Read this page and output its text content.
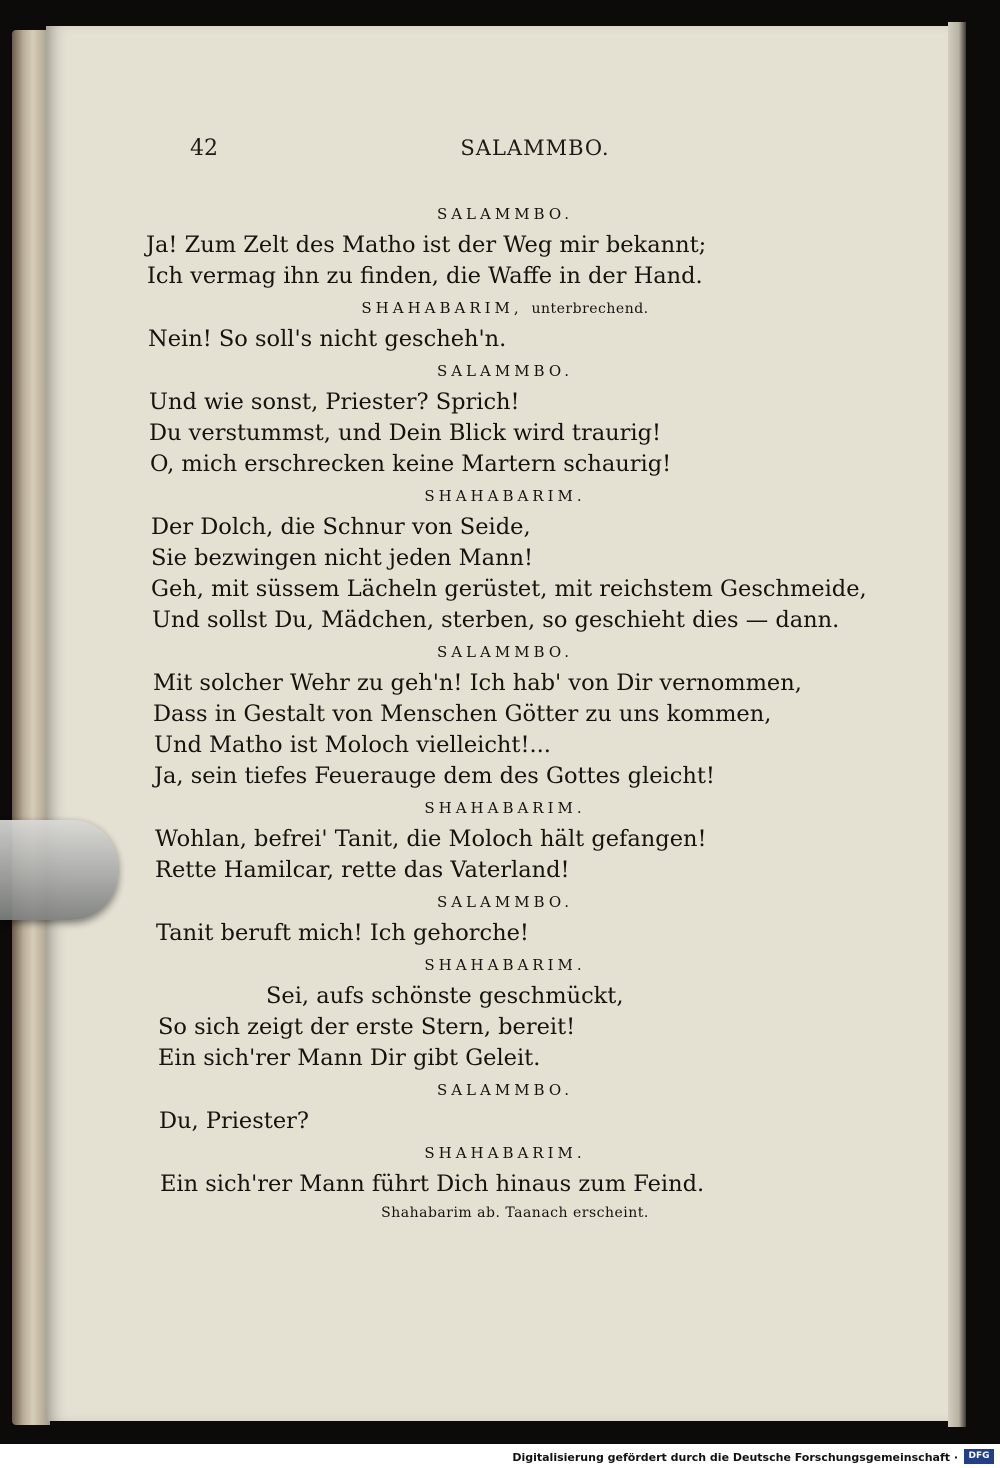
42	SALAMMBO.
SALAMMBO.
Ja! Zum Zelt des Matho ist der Weg mir bekannt;
Ich vermag ihn zu finden, die Waffe in der Hand.
SHAHABARIM, unterbrechend.
Nein! So soll's nicht gescheh'n.
SALAMMBO.
Und wie sonst, Priester? Sprich!
Du verstummst, und Dein Blick wird traurig!
O, mich erschrecken keine Martern schaurig!
SHAHABARIM.
Der Dolch, die Schnur von Seide,
Sie bezwingen nicht jeden Mann!
Geh, mit süssem Lächeln gerüstet, mit reichstem Geschmeide,
Und sollst Du, Mädchen, sterben, so geschieht dies — dann.
SALAMMBO.
Mit solcher Wehr zu geh'n! Ich hab' von Dir vernommen,
Dass in Gestalt von Menschen Götter zu uns kommen,
Und Matho ist Moloch vielleicht!...
Ja, sein tiefes Feuerauge dem des Gottes gleicht!
SHAHABARIM.
Wohlan, befrei' Tanit, die Moloch hält gefangen!
Rette Hamilcar, rette das Vaterland!
SALAMMBO.
Tanit beruft mich! Ich gehorche!
SHAHABARIM.
Sei, aufs schönste geschmückt,
So sich zeigt der erste Stern, bereit!
Ein sich'rer Mann Dir gibt Geleit.
SALAMMBO.
Du, Priester?
SHAHABARIM.
Ein sich'rer Mann führt Dich hinaus zum Feind.
Shahabarim ab. Taanach erscheint.
Digitalisierung gefördert durch die Deutsche Forschungsgemeinschaft ·	DFG
